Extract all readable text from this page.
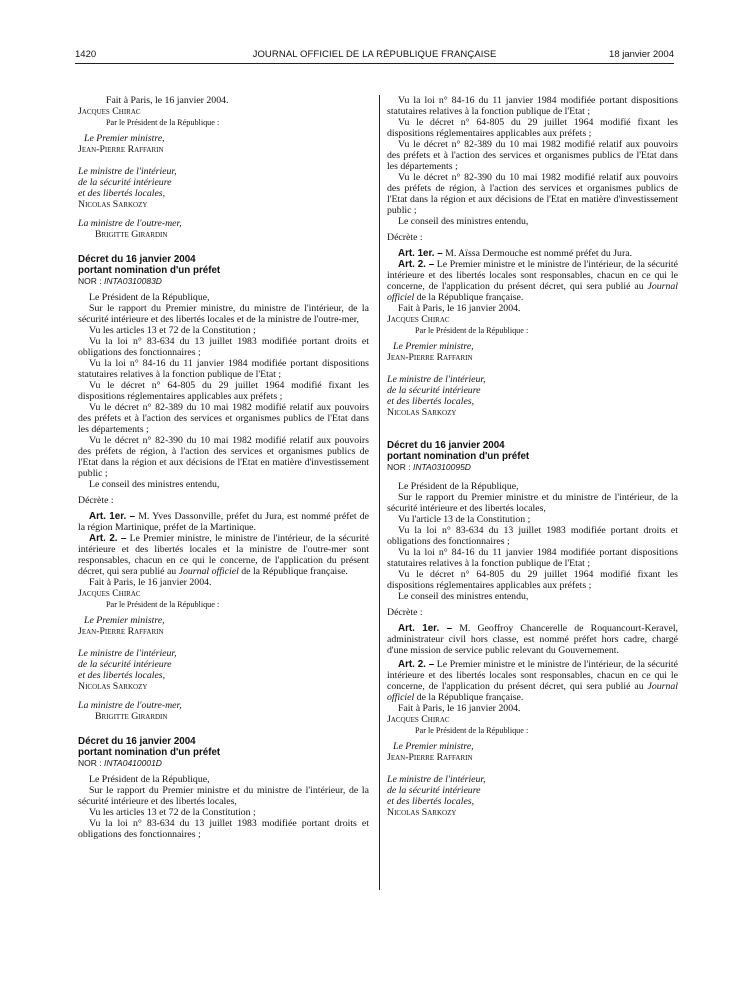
1420	JOURNAL OFFICIEL DE LA RÉPUBLIQUE FRANÇAISE	18 janvier 2004

Fait à Paris, le 16 janvier 2004.

Jacques Chirac

Par le Président de la République :

Le Premier ministre,

Jean-Pierre Raffarin

Le ministre de l'intérieur,

de la sécurité intérieure

et des libertés locales,

Nicolas Sarkozy

La ministre de l'outre-mer,

Brigitte Girardin

Décret du 16 janvier 2004

portant nomination d'un préfet

NOR : INTA0310083D

Le Président de la République,

Sur le rapport du Premier ministre, du ministre de l'intérieur, de la sécurité intérieure et des libertés locales et de la ministre de l'outre-mer,

Vu les articles 13 et 72 de la Constitution ;

Vu la loi n° 83-634 du 13 juillet 1983 modifiée portant droits et obligations des fonctionnaires ;

Vu la loi n° 84-16 du 11 janvier 1984 modifiée portant dispositions statutaires relatives à la fonction publique de l'Etat ;

Vu le décret n° 64-805 du 29 juillet 1964 modifié fixant les dispositions réglementaires applicables aux préfets ;

Vu le décret n° 82-389 du 10 mai 1982 modifié relatif aux pouvoirs des préfets et à l'action des services et organismes publics de l'Etat dans les départements ;

Vu le décret n° 82-390 du 10 mai 1982 modifié relatif aux pouvoirs des préfets de région, à l'action des services et organismes publics de l'Etat dans la région et aux décisions de l'Etat en matière d'investissement public ;

Le conseil des ministres entendu,

Décrète :

Art. 1er. – M. Yves Dassonville, préfet du Jura, est nommé préfet de la région Martinique, préfet de la Martinique.

Art. 2. – Le Premier ministre, le ministre de l'intérieur, de la sécurité intérieure et des libertés locales et la ministre de l'outre-mer sont responsables, chacun en ce qui le concerne, de l'application du présent décret, qui sera publié au Journal officiel de la République française.

Fait à Paris, le 16 janvier 2004.

Jacques Chirac

Par le Président de la République :

Le Premier ministre,

Jean-Pierre Raffarin

Le ministre de l'intérieur,

de la sécurité intérieure

et des libertés locales,

Nicolas Sarkozy

La ministre de l'outre-mer,

Brigitte Girardin

Décret du 16 janvier 2004

portant nomination d'un préfet

NOR : INTA0410001D

Le Président de la République,

Sur le rapport du Premier ministre et du ministre de l'intérieur, de la sécurité intérieure et des libertés locales,

Vu les articles 13 et 72 de la Constitution ;

Vu la loi n° 83-634 du 13 juillet 1983 modifiée portant droits et obligations des fonctionnaires ;

Vu la loi n° 84-16 du 11 janvier 1984 modifiée portant dispositions statutaires relatives à la fonction publique de l'Etat ;

Vu le décret n° 64-805 du 29 juillet 1964 modifié fixant les dispositions réglementaires applicables aux préfets ;

Vu le décret n° 82-389 du 10 mai 1982 modifié relatif aux pouvoirs des préfets et à l'action des services et organismes publics de l'Etat dans les départements ;

Vu le décret n° 82-390 du 10 mai 1982 modifié relatif aux pouvoirs des préfets de région, à l'action des services et organismes publics de l'Etat dans la région et aux décisions de l'Etat en matière d'investissement public ;

Le conseil des ministres entendu,

Décrète :

Art. 1er. – M. Aïssa Dermouche est nommé préfet du Jura.

Art. 2. – Le Premier ministre et le ministre de l'intérieur, de la sécurité intérieure et des libertés locales sont responsables, chacun en ce qui le concerne, de l'application du présent décret, qui sera publié au Journal officiel de la République française.

Fait à Paris, le 16 janvier 2004.

Jacques Chirac

Par le Président de la République :

Le Premier ministre,

Jean-Pierre Raffarin

Le ministre de l'intérieur,

de la sécurité intérieure

et des libertés locales,

Nicolas Sarkozy

Décret du 16 janvier 2004

portant nomination d'un préfet

NOR : INTA0310095D

Le Président de la République,

Sur le rapport du Premier ministre et du ministre de l'intérieur, de la sécurité intérieure et des libertés locales,

Vu l'article 13 de la Constitution ;

Vu la loi n° 83-634 du 13 juillet 1983 modifiée portant droits et obligations des fonctionnaires ;

Vu la loi n° 84-16 du 11 janvier 1984 modifiée portant dispositions statutaires relatives à la fonction publique de l'Etat ;

Vu le décret n° 64-805 du 29 juillet 1964 modifié fixant les dispositions réglementaires applicables aux préfets ;

Le conseil des ministres entendu,

Décrète :

Art. 1er. – M. Geoffroy Chancerelle de Roquancourt-Keravel, administrateur civil hors classe, est nommé préfet hors cadre, chargé d'une mission de service public relevant du Gouvernement.

Art. 2. – Le Premier ministre et le ministre de l'intérieur, de la sécurité intérieure et des libertés locales sont responsables, chacun en ce qui le concerne, de l'application du présent décret, qui sera publié au Journal officiel de la République française.

Fait à Paris, le 16 janvier 2004.

Jacques Chirac

Par le Président de la République :

Le Premier ministre,

Jean-Pierre Raffarin

Le ministre de l'intérieur,

de la sécurité intérieure

et des libertés locales,

Nicolas Sarkozy
